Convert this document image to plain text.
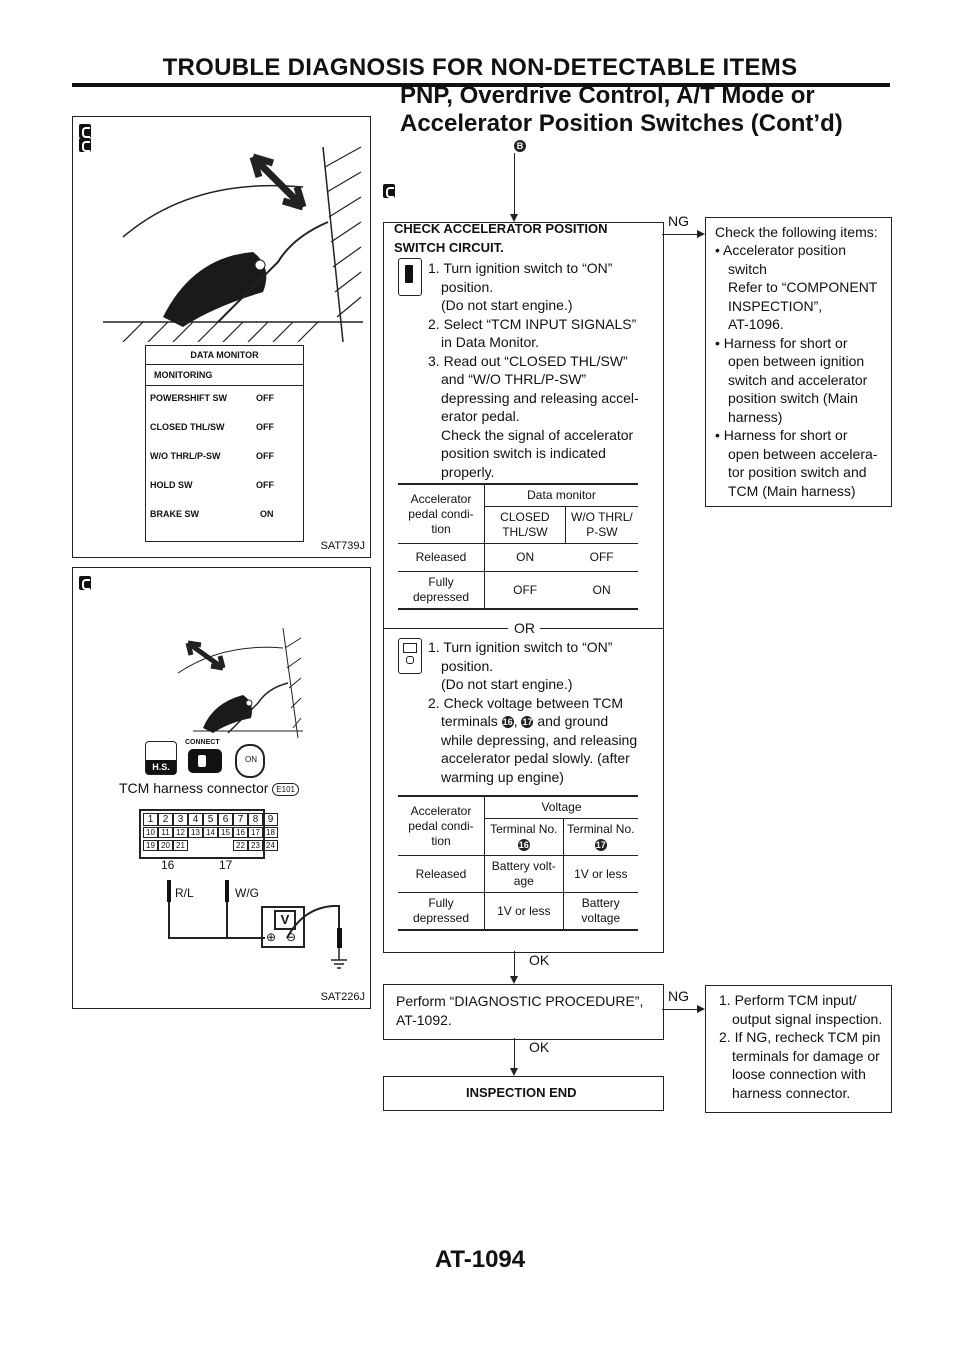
TROUBLE DIAGNOSIS FOR NON-DETECTABLE ITEMS
PNP, Overdrive Control, A/T Mode or
Accelerator Position Switches (Cont’d)
DATA MONITOR
MONITORING
POWERSHIFT SW	OFF
CLOSED THL/SW	OFF
W/O THRL/P-SW	OFF
HOLD SW	OFF
BRAKE SW	ON
SAT739J
H.S.
CONNECT
ON
TCM harness connector E101
1 2 3 4 5 6 7 8 9
10 11 12 13 14 15 16 17 18
19 20 21	22 23 24
16	17
R/L	W/G
V
⊕ ⊖
SAT226J
B
CHECK ACCELERATOR POSITION
SWITCH CIRCUIT.
1. Turn ignition switch to “ON”
position.
(Do not start engine.)
2. Select “TCM INPUT SIGNALS”
in Data Monitor.
3. Read out “CLOSED THL/SW”
and “W/O THRL/P-SW”
depressing and releasing accel-
erator pedal.
Check the signal of accelerator
position switch is indicated
properly.
Accelerator pedal condi- tion	Data monitor	
	CLOSED THL/SW	W/O THRL/ P-SW
Released	ON	OFF
Fully depressed	OFF	ON
OR
1. Turn ignition switch to “ON”
position.
(Do not start engine.)
2. Check voltage between TCM
terminals 16, 17 and ground
while depressing, and releasing
accelerator pedal slowly. (after
warming up engine)
Accelerator pedal condi- tion	Voltage	
	Terminal No. 16	Terminal No. 17
Released	Battery volt- age	1V or less
Fully depressed	1V or less	Battery voltage
NG
Check the following items:
• Accelerator position
switch
Refer to “COMPONENT
INSPECTION”,
AT-1096.
• Harness for short or
open between ignition
switch and accelerator
position switch (Main
harness)
• Harness for short or
open between accelera-
tor position switch and
TCM (Main harness)
OK
Perform “DIAGNOSTIC PROCEDURE”,
AT-1092.
NG	1. Perform TCM input/
output signal inspection.
2. If NG, recheck TCM pin
terminals for damage or
loose connection with
harness connector.
OK
INSPECTION END
AT-1094
